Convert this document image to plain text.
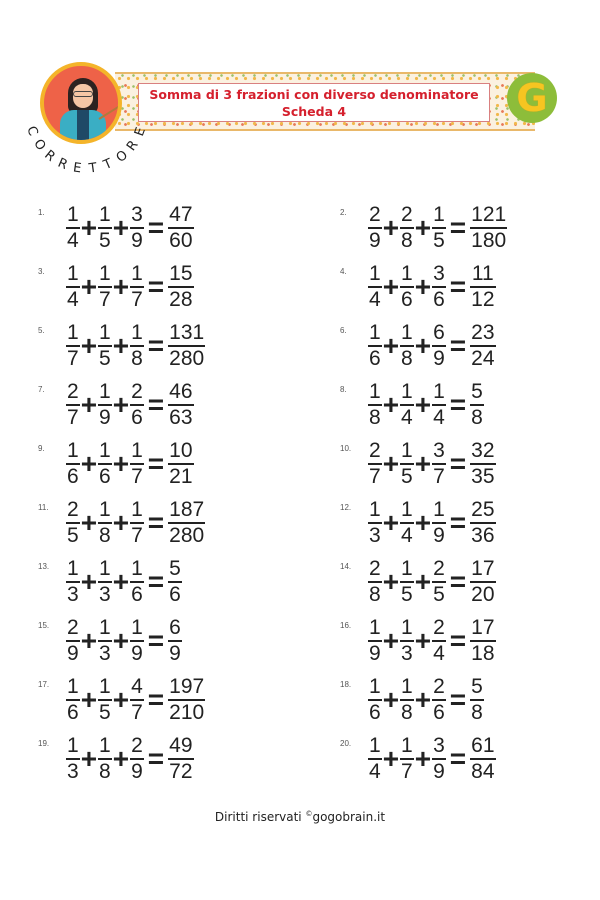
Somma di 3 frazioni con diverso denominatore
Scheda 4
C
O
R
R E T T
O
R
E
G
1. $\frac{1}{4} + \frac{1}{5} + \frac{3}{9} = \frac{47}{60}$	2. $\frac{2}{9} + \frac{2}{8} + \frac{1}{5} = \frac{121}{180}$
3. $\frac{1}{4} + \frac{1}{7} + \frac{1}{7} = \frac{15}{28}$	4. $\frac{1}{4} + \frac{1}{6} + \frac{3}{6} = \frac{11}{12}$
5. $\frac{1}{7} + \frac{1}{5} + \frac{1}{8} = \frac{131}{280}$	6. $\frac{1}{6} + \frac{1}{8} + \frac{6}{9} = \frac{23}{24}$
7. $\frac{2}{7} + \frac{1}{9} + \frac{2}{6} = \frac{46}{63}$	8. $\frac{1}{8} + \frac{1}{4} + \frac{1}{4} = \frac{5}{8}$
9. $\frac{1}{6} + \frac{1}{6} + \frac{1}{7} = \frac{10}{21}$	10. $\frac{2}{7} + \frac{1}{5} + \frac{3}{7} = \frac{32}{35}$
11. $\frac{2}{5} + \frac{1}{8} + \frac{1}{7} = \frac{187}{280}$	12. $\frac{1}{3} + \frac{1}{4} + \frac{1}{9} = \frac{25}{36}$
13. $\frac{1}{3} + \frac{1}{3} + \frac{1}{6} = \frac{5}{6}$	14. $\frac{2}{8} + \frac{1}{5} + \frac{2}{5} = \frac{17}{20}$
15. $\frac{2}{9} + \frac{1}{3} + \frac{1}{9} = \frac{6}{9}$	16. $\frac{1}{9} + \frac{1}{3} + \frac{2}{4} = \frac{17}{18}$
17. $\frac{1}{6} + \frac{1}{5} + \frac{4}{7} = \frac{197}{210}$	18. $\frac{1}{6} + \frac{1}{8} + \frac{2}{6} = \frac{5}{8}$
19. $\frac{1}{3} + \frac{1}{8} + \frac{2}{9} = \frac{49}{72}$	20. $\frac{1}{4} + \frac{1}{7} + \frac{3}{9} = \frac{61}{84}$
Diritti riservati ©gogobrain.it
